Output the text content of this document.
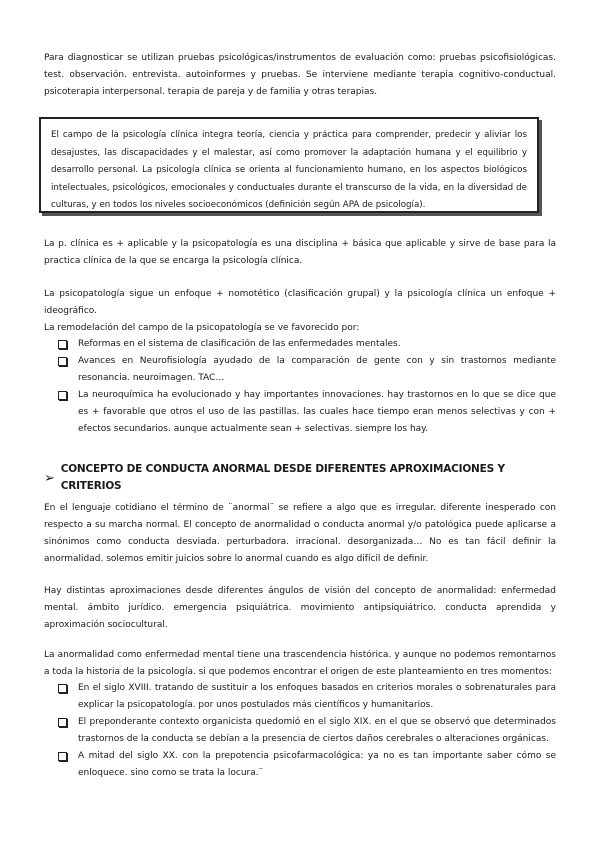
Para diagnosticar se utilizan pruebas psicológicas/instrumentos de evaluación como: pruebas psicofisiológicas. test. observación. entrevista. autoinformes y pruebas. Se interviene mediante terapia cognitivo-conductual. psicoterapia interpersonal. terapia de pareja y de familia y otras terapias.

El campo de la psicología clínica integra teoría, ciencia y práctica para comprender, predecir y aliviar los desajustes, las discapacidades y el malestar, así como promover la adaptación humana y el equilibrio y desarrollo personal. La psicología clínica se orienta al funcionamiento humano, en los aspectos biológicos intelectuales, psicológicos, emocionales y conductuales durante el transcurso de la vida, en la diversidad de culturas, y en todos los niveles socioeconómicos (definición según APA de psicología).

La p. clínica es + aplicable y la psicopatología es una disciplina + básica que aplicable y sirve de base para la practica clínica de la que se encarga la psicología clínica.

La psicopatología sigue un enfoque + nomotético (clasificación grupal) y la psicología clínica un enfoque + ideográfico.

La remodelación del campo de la psicopatología se ve favorecido por:

Reformas en el sistema de clasificación de las enfermedades mentales.
Avances en Neurofisiología ayudado de la comparación de gente con y sin trastornos mediante resonancia. neuroimagen. TAC…
La neuroquímica ha evolucionado y hay importantes innovaciones. hay trastornos en lo que se dice que es + favorable que otros el uso de las pastillas. las cuales hace tiempo eran menos selectivas y con + efectos secundarios. aunque actualmente sean + selectivas. siempre los hay.
➢
CONCEPTO DE CONDUCTA ANORMAL DESDE DIFERENTES APROXIMACIONES Y CRITERIOS

En el lenguaje cotidiano el término de ¨anormal¨ se refiere a algo que es irregular. diferente inesperado con respecto a su marcha normal. El concepto de anormalidad o conducta anormal y/o patológica puede aplicarse a sinónimos como conducta desviada. perturbadora. irracional. desorganizada… No es tan fácil definir la anormalidad. solemos emitir juicios sobre lo anormal cuando es algo difícil de definir.

Hay distintas aproximaciones desde diferentes ángulos de visión del concepto de anormalidad: enfermedad mental. ámbito jurídico. emergencia psiquiátrica. movimiento antipsiquiátrico. conducta aprendida y aproximación sociocultural.

La anormalidad como enfermedad mental tiene una trascendencia histórica. y aunque no podemos remontarnos a toda la historia de la psicología. si que podemos encontrar el origen de este planteamiento en tres momentos:

En el siglo XVIII. tratando de sustituir a los enfoques basados en criterios morales o sobrenaturales para explicar la psicopatología. por unos postulados más científicos y humanitarios.
El preponderante contexto organicista quedomió en el siglo XIX. en el que se observó que determinados trastornos de la conducta se debían a la presencia de ciertos daños cerebrales o alteraciones orgánicas.
A mitad del siglo XX. con la prepotencia psicofarmacológica: ya no es tan importante saber cómo se enloquece. sino como se trata la locura.¨
